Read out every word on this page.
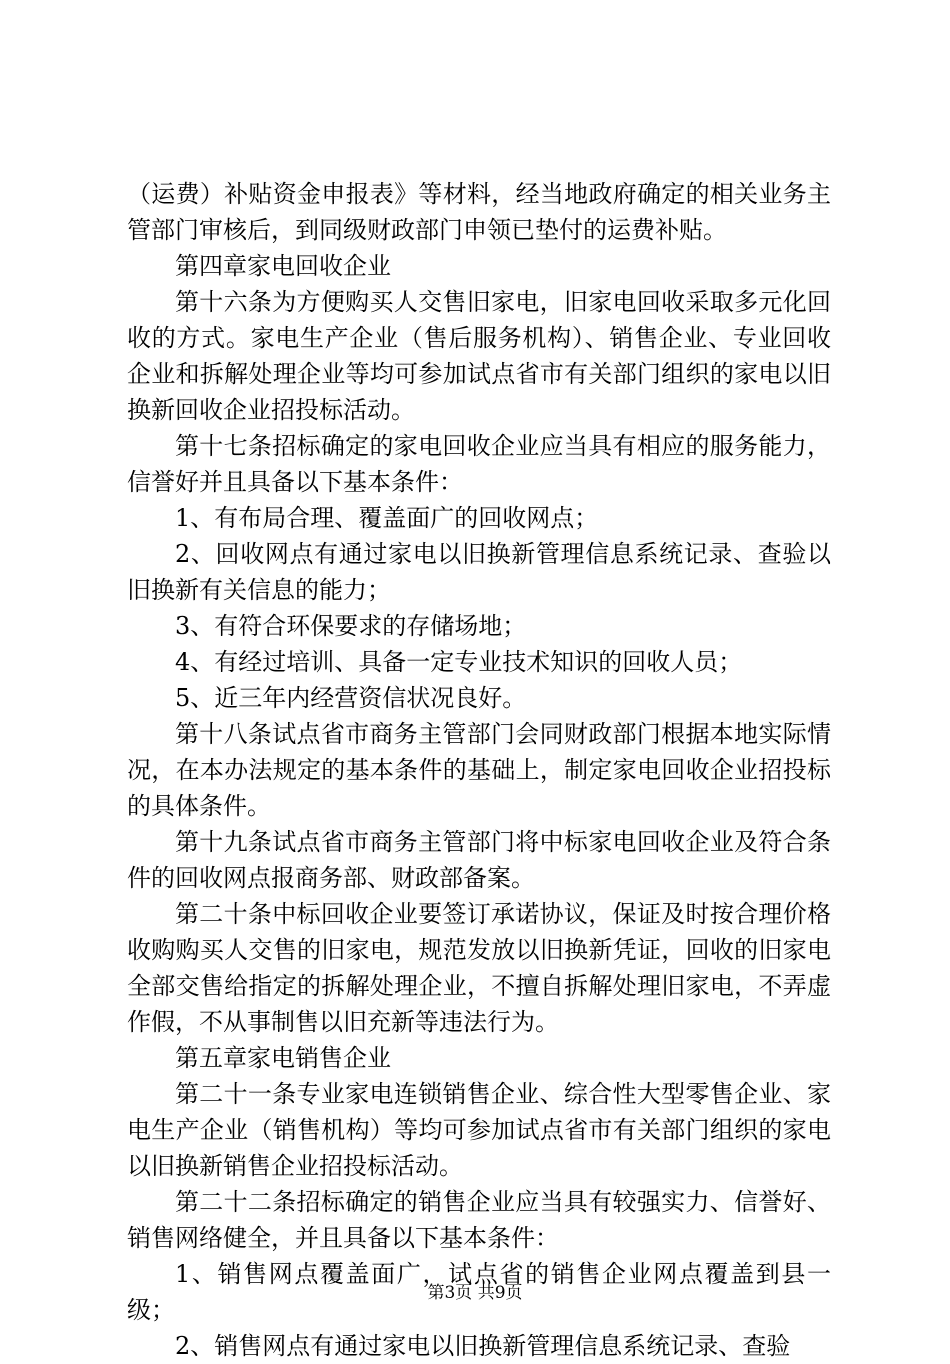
（运费）补贴资金申报表》等材料，经当地政府确定的相关业务主管部门审核后，到同级财政部门申领已垫付的运费补贴。

第四章家电回收企业

第十六条为方便购买人交售旧家电，旧家电回收采取多元化回收的方式。家电生产企业（售后服务机构）、销售企业、专业回收企业和拆解处理企业等均可参加试点省市有关部门组织的家电以旧换新回收企业招投标活动。

第十七条招标确定的家电回收企业应当具有相应的服务能力，信誉好并且具备以下基本条件：

1、有布局合理、覆盖面广的回收网点；

2、回收网点有通过家电以旧换新管理信息系统记录、查验以旧换新有关信息的能力；

3、有符合环保要求的存储场地；

4、有经过培训、具备一定专业技术知识的回收人员；

5、近三年内经营资信状况良好。

第十八条试点省市商务主管部门会同财政部门根据本地实际情况，在本办法规定的基本条件的基础上，制定家电回收企业招投标的具体条件。

第十九条试点省市商务主管部门将中标家电回收企业及符合条件的回收网点报商务部、财政部备案。

第二十条中标回收企业要签订承诺协议，保证及时按合理价格收购购买人交售的旧家电，规范发放以旧换新凭证，回收的旧家电全部交售给指定的拆解处理企业，不擅自拆解处理旧家电，不弄虚作假，不从事制售以旧充新等违法行为。

第五章家电销售企业

第二十一条专业家电连锁销售企业、综合性大型零售企业、家电生产企业（销售机构）等均可参加试点省市有关部门组织的家电以旧换新销售企业招投标活动。

第二十二条招标确定的销售企业应当具有较强实力、信誉好、销售网络健全，并且具备以下基本条件：

1、销售网点覆盖面广，试点省的销售企业网点覆盖到县一级；

2、销售网点有通过家电以旧换新管理信息系统记录、查验

第3页 共9页
